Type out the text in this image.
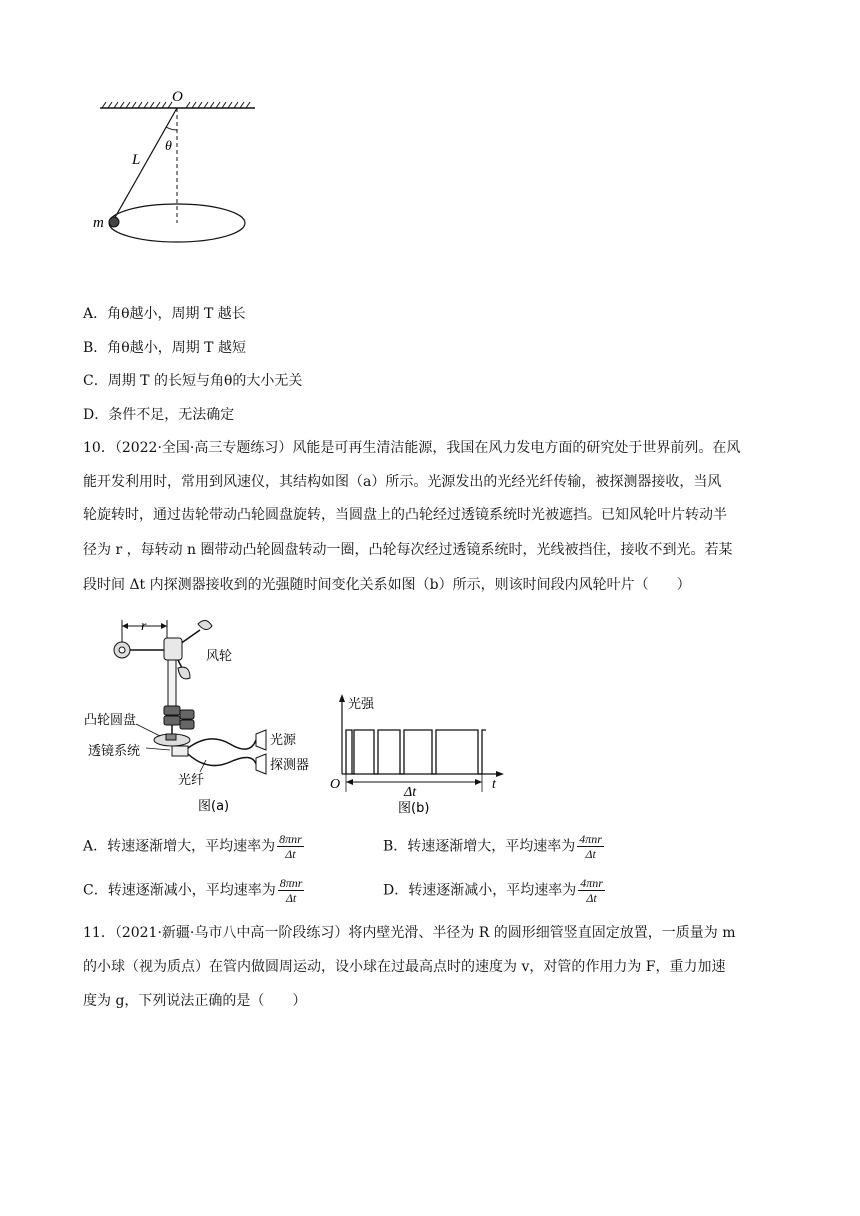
O
θ
L
m
A．角θ越小，周期 T 越长
B．角θ越小，周期 T 越短
C．周期 T 的长短与角θ的大小无关
D．条件不足，无法确定
10．（2022·全国·高三专题练习）风能是可再生清洁能源，我国在风力发电方面的研究处于世界前列。在风
能开发利用时，常用到风速仪，其结构如图（a）所示。光源发出的光经光纤传输，被探测器接收，当风
轮旋转时，通过齿轮带动凸轮圆盘旋转，当圆盘上的凸轮经过透镜系统时光被遮挡。已知风轮叶片转动半
径为 r ，每转动 n 圈带动凸轮圆盘转动一圈，凸轮每次经过透镜系统时，光线被挡住，接收不到光。若某
段时间 Δt 内探测器接收到的光强随时间变化关系如图（b）所示，则该时间段内风轮叶片（　　）
r
风轮
光源
探测器
凸轮圆盘
透镜系统
光纤
图(a)
光强
O	t
Δt
图(b)
A．转速逐渐增大，平均速率为 $\frac{\text{8πnr}}{\Delta t}$	B．转速逐渐增大，平均速率为 $\frac{\text{4πnr}}{\Delta t}$
C．转速逐渐减小，平均速率为 $\frac{\text{8πnr}}{\Delta t}$	D．转速逐渐减小，平均速率为 $\frac{\text{4πnr}}{\Delta t}$
11．（2021·新疆·乌市八中高一阶段练习）将内壁光滑、半径为 R 的圆形细管竖直固定放置，一质量为 m
的小球（视为质点）在管内做圆周运动，设小球在过最高点时的速度为 v，对管的作用力为 F，重力加速
度为 g，下列说法正确的是（　　）
